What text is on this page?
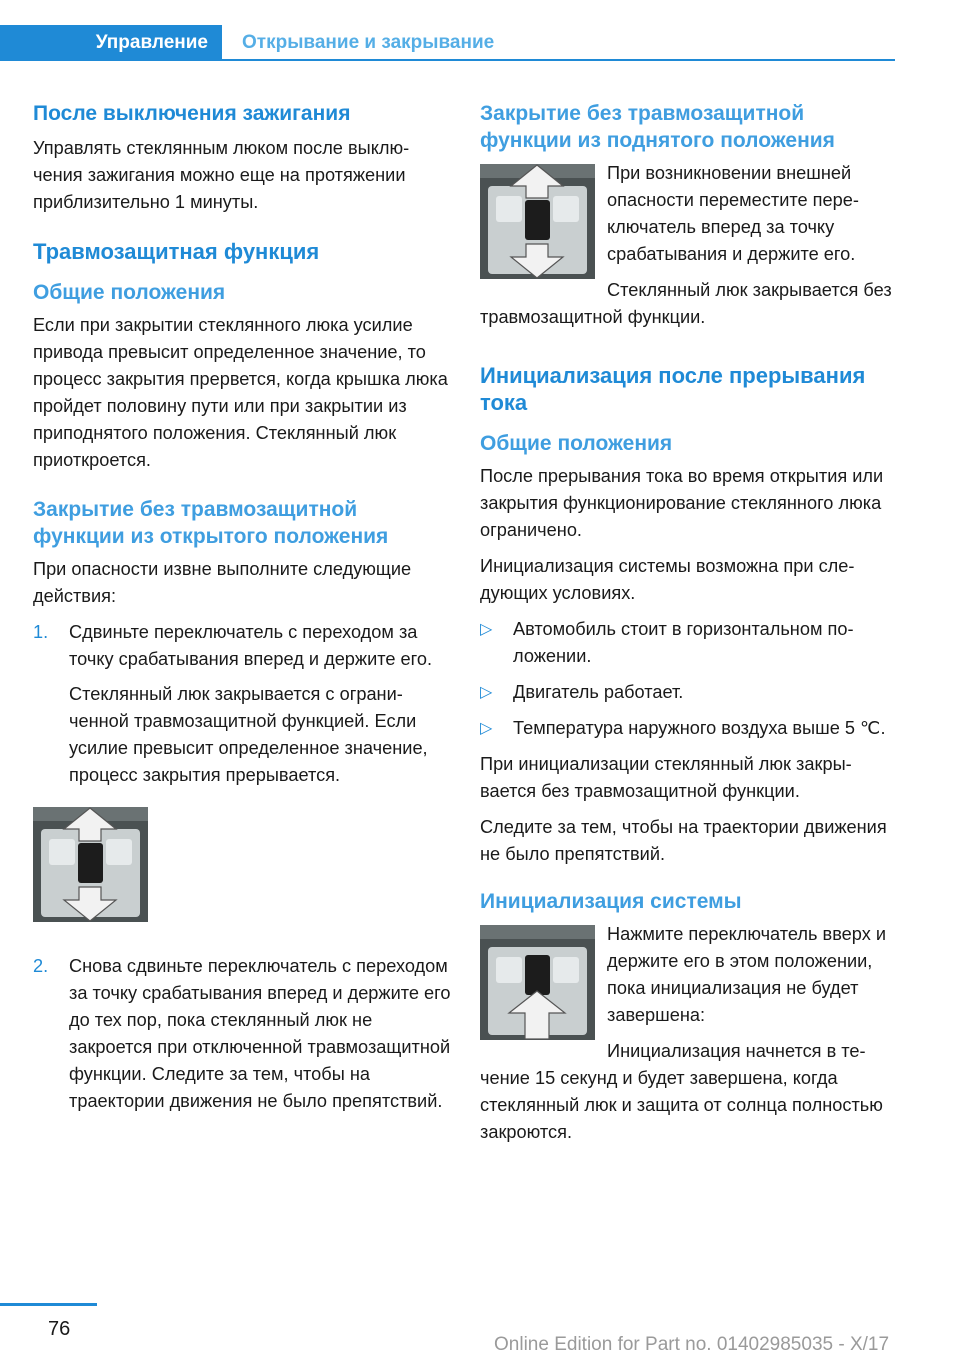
Управление	Открывание и закрывание
После выключения зажигания

Управлять стеклянным люком после выключения зажигания можно еще на протяжении приблизительно 1 минуты.

Травмозащитная функция
Общие положения

Если при закрытии стеклянного люка усилие привода превысит определенное значение, то процесс закрытия прервется, когда крышка люка пройдет половину пути или при закрытии из приподнятого положения. Стеклянный люк приоткроется.

Закрытие без травмозащитной функции из открытого положения

При опасности извне выполните следующие действия:

1. Сдвиньте переключатель с переходом за точку срабатывания вперед и держите его.

Стеклянный люк закрывается с ограниченной травмозащитной функцией. Если усилие превысит определенное значение, процесс закрытия прерывается.

2. Снова сдвиньте переключатель с переходом за точку срабатывания вперед и держите его до тех пор, пока стеклянный люк не закроется при отключенной травмозащитной функции. Следите за тем, чтобы на траектории движения не было препятствий.

Закрытие без травмозащитной функции из поднятого положения

При возникновении внешней опасности переместите переключатель вперед за точку срабатывания и держите его.

Стеклянный люк закрывается без травмозащитной функции.

Инициализация после прерывания тока
Общие положения

После прерывания тока во время открытия или закрытия функционирование стеклянного люка ограничено.

Инициализация системы возможна при следующих условиях.

▷ Автомобиль стоит в горизонтальном положении.

▷ Двигатель работает.

▷ Температура наружного воздуха выше 5 ℃.

При инициализации стеклянный люк закрывается без травмозащитной функции.

Следите за тем, чтобы на траектории движения не было препятствий.

Инициализация системы

Нажмите переключатель вверх и держите его в этом положении, пока инициализация не будет завершена:

Инициализация начнется в течение 15 секунд и будет завершена, когда стеклянный люк и защита от солнца полностью закроются.

76
Online Edition for Part no. 01402985035 - X/17
